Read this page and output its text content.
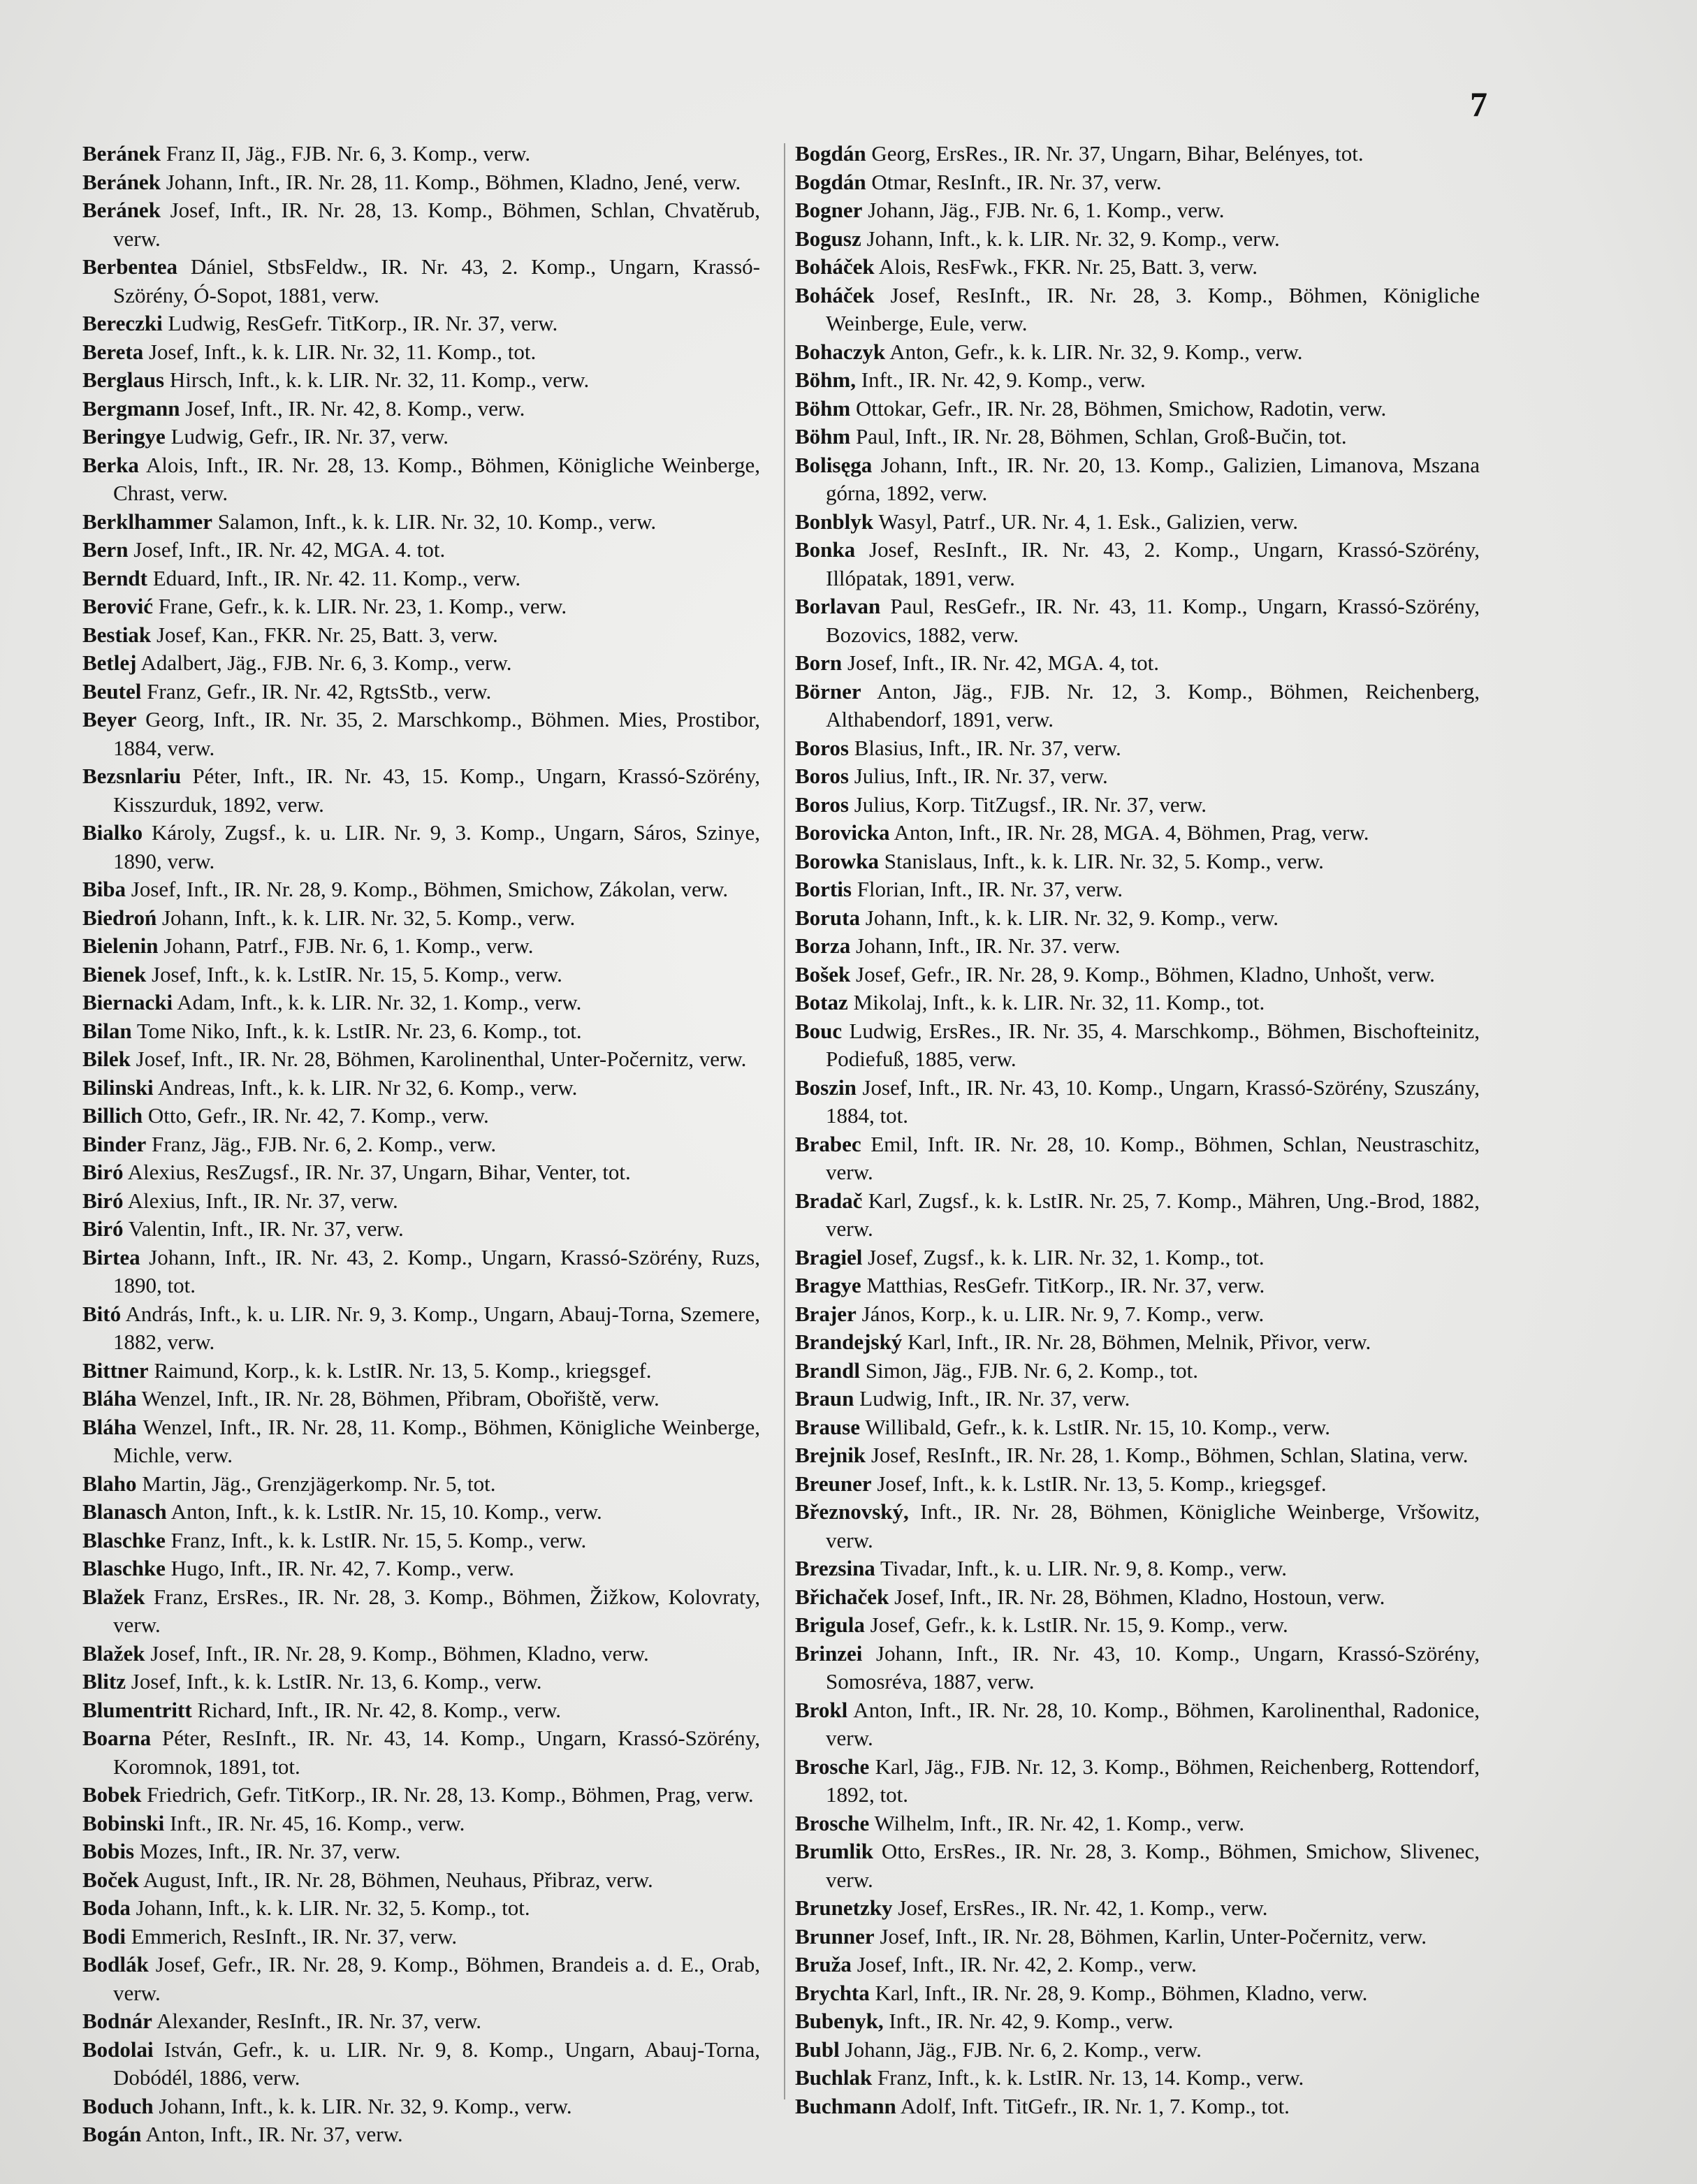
7

Beránek Franz II, Jäg., FJB. Nr. 6, 3. Komp., verw.

Beránek Johann, Inft., IR. Nr. 28, 11. Komp., Böhmen, Kladno, Jené, verw.

Beránek Josef, Inft., IR. Nr. 28, 13. Komp., Böhmen, Schlan, Chvatěrub, verw.

Berbentea Dániel, StbsFeldw., IR. Nr. 43, 2. Komp., Ungarn, Krassó-Szörény, Ó-Sopot, 1881, verw.

Bereczki Ludwig, ResGefr. TitKorp., IR. Nr. 37, verw.

Bereta Josef, Inft., k. k. LIR. Nr. 32, 11. Komp., tot.

Berglaus Hirsch, Inft., k. k. LIR. Nr. 32, 11. Komp., verw.

Bergmann Josef, Inft., IR. Nr. 42, 8. Komp., verw.

Beringye Ludwig, Gefr., IR. Nr. 37, verw.

Berka Alois, Inft., IR. Nr. 28, 13. Komp., Böhmen, Königliche Weinberge, Chrast, verw.

Berklhammer Salamon, Inft., k. k. LIR. Nr. 32, 10. Komp., verw.

Bern Josef, Inft., IR. Nr. 42, MGA. 4. tot.

Berndt Eduard, Inft., IR. Nr. 42. 11. Komp., verw.

Berović Frane, Gefr., k. k. LIR. Nr. 23, 1. Komp., verw.

Bestiak Josef, Kan., FKR. Nr. 25, Batt. 3, verw.

Betlej Adalbert, Jäg., FJB. Nr. 6, 3. Komp., verw.

Beutel Franz, Gefr., IR. Nr. 42, RgtsStb., verw.

Beyer Georg, Inft., IR. Nr. 35, 2. Marschkomp., Böhmen. Mies, Prostibor, 1884, verw.

Bezsnlariu Péter, Inft., IR. Nr. 43, 15. Komp., Ungarn, Krassó-Szörény, Kisszurduk, 1892, verw.

Bialko Károly, Zugsf., k. u. LIR. Nr. 9, 3. Komp., Ungarn, Sáros, Szinye, 1890, verw.

Biba Josef, Inft., IR. Nr. 28, 9. Komp., Böhmen, Smichow, Zákolan, verw.

Biedroń Johann, Inft., k. k. LIR. Nr. 32, 5. Komp., verw.

Bielenin Johann, Patrf., FJB. Nr. 6, 1. Komp., verw.

Bienek Josef, Inft., k. k. LstIR. Nr. 15, 5. Komp., verw.

Biernacki Adam, Inft., k. k. LIR. Nr. 32, 1. Komp., verw.

Bilan Tome Niko, Inft., k. k. LstIR. Nr. 23, 6. Komp., tot.

Bilek Josef, Inft., IR. Nr. 28, Böhmen, Karolinenthal, Unter-Počernitz, verw.

Bilinski Andreas, Inft., k. k. LIR. Nr 32, 6. Komp., verw.

Billich Otto, Gefr., IR. Nr. 42, 7. Komp., verw.

Binder Franz, Jäg., FJB. Nr. 6, 2. Komp., verw.

Biró Alexius, ResZugsf., IR. Nr. 37, Ungarn, Bihar, Venter, tot.

Biró Alexius, Inft., IR. Nr. 37, verw.

Biró Valentin, Inft., IR. Nr. 37, verw.

Birtea Johann, Inft., IR. Nr. 43, 2. Komp., Ungarn, Krassó-Szörény, Ruzs, 1890, tot.

Bitó András, Inft., k. u. LIR. Nr. 9, 3. Komp., Ungarn, Abauj-Torna, Szemere, 1882, verw.

Bittner Raimund, Korp., k. k. LstIR. Nr. 13, 5. Komp., kriegsgef.

Bláha Wenzel, Inft., IR. Nr. 28, Böhmen, Přibram, Obořiště, verw.

Bláha Wenzel, Inft., IR. Nr. 28, 11. Komp., Böhmen, Königliche Weinberge, Michle, verw.

Blaho Martin, Jäg., Grenzjägerkomp. Nr. 5, tot.

Blanasch Anton, Inft., k. k. LstIR. Nr. 15, 10. Komp., verw.

Blaschke Franz, Inft., k. k. LstIR. Nr. 15, 5. Komp., verw.

Blaschke Hugo, Inft., IR. Nr. 42, 7. Komp., verw.

Blažek Franz, ErsRes., IR. Nr. 28, 3. Komp., Böhmen, Žižkow, Kolovraty, verw.

Blažek Josef, Inft., IR. Nr. 28, 9. Komp., Böhmen, Kladno, verw.

Blitz Josef, Inft., k. k. LstIR. Nr. 13, 6. Komp., verw.

Blumentritt Richard, Inft., IR. Nr. 42, 8. Komp., verw.

Boarna Péter, ResInft., IR. Nr. 43, 14. Komp., Ungarn, Krassó-Szörény, Koromnok, 1891, tot.

Bobek Friedrich, Gefr. TitKorp., IR. Nr. 28, 13. Komp., Böhmen, Prag, verw.

Bobinski Inft., IR. Nr. 45, 16. Komp., verw.

Bobis Mozes, Inft., IR. Nr. 37, verw.

Boček August, Inft., IR. Nr. 28, Böhmen, Neuhaus, Přibraz, verw.

Boda Johann, Inft., k. k. LIR. Nr. 32, 5. Komp., tot.

Bodi Emmerich, ResInft., IR. Nr. 37, verw.

Bodlák Josef, Gefr., IR. Nr. 28, 9. Komp., Böhmen, Brandeis a. d. E., Orab, verw.

Bodnár Alexander, ResInft., IR. Nr. 37, verw.

Bodolai István, Gefr., k. u. LIR. Nr. 9, 8. Komp., Ungarn, Abauj-Torna, Dobódél, 1886, verw.

Boduch Johann, Inft., k. k. LIR. Nr. 32, 9. Komp., verw.

Bogán Anton, Inft., IR. Nr. 37, verw.

Bogdán Georg, ErsRes., IR. Nr. 37, Ungarn, Bihar, Belényes, tot.

Bogdán Otmar, ResInft., IR. Nr. 37, verw.

Bogner Johann, Jäg., FJB. Nr. 6, 1. Komp., verw.

Bogusz Johann, Inft., k. k. LIR. Nr. 32, 9. Komp., verw.

Boháček Alois, ResFwk., FKR. Nr. 25, Batt. 3, verw.

Boháček Josef, ResInft., IR. Nr. 28, 3. Komp., Böhmen, Königliche Weinberge, Eule, verw.

Bohaczyk Anton, Gefr., k. k. LIR. Nr. 32, 9. Komp., verw.

Böhm, Inft., IR. Nr. 42, 9. Komp., verw.

Böhm Ottokar, Gefr., IR. Nr. 28, Böhmen, Smichow, Radotin, verw.

Böhm Paul, Inft., IR. Nr. 28, Böhmen, Schlan, Groß-Bučin, tot.

Bolisęga Johann, Inft., IR. Nr. 20, 13. Komp., Galizien, Limanova, Mszana górna, 1892, verw.

Bonblyk Wasyl, Patrf., UR. Nr. 4, 1. Esk., Galizien, verw.

Bonka Josef, ResInft., IR. Nr. 43, 2. Komp., Ungarn, Krassó-Szörény, Illópatak, 1891, verw.

Borlavan Paul, ResGefr., IR. Nr. 43, 11. Komp., Ungarn, Krassó-Szörény, Bozovics, 1882, verw.

Born Josef, Inft., IR. Nr. 42, MGA. 4, tot.

Börner Anton, Jäg., FJB. Nr. 12, 3. Komp., Böhmen, Reichenberg, Althabendorf, 1891, verw.

Boros Blasius, Inft., IR. Nr. 37, verw.

Boros Julius, Inft., IR. Nr. 37, verw.

Boros Julius, Korp. TitZugsf., IR. Nr. 37, verw.

Borovicka Anton, Inft., IR. Nr. 28, MGA. 4, Böhmen, Prag, verw.

Borowka Stanislaus, Inft., k. k. LIR. Nr. 32, 5. Komp., verw.

Bortis Florian, Inft., IR. Nr. 37, verw.

Boruta Johann, Inft., k. k. LIR. Nr. 32, 9. Komp., verw.

Borza Johann, Inft., IR. Nr. 37. verw.

Bošek Josef, Gefr., IR. Nr. 28, 9. Komp., Böhmen, Kladno, Unhošt, verw.

Botaz Mikolaj, Inft., k. k. LIR. Nr. 32, 11. Komp., tot.

Bouc Ludwig, ErsRes., IR. Nr. 35, 4. Marschkomp., Böhmen, Bischofteinitz, Podiefuß, 1885, verw.

Boszin Josef, Inft., IR. Nr. 43, 10. Komp., Ungarn, Krassó-Szörény, Szuszány, 1884, tot.

Brabec Emil, Inft. IR. Nr. 28, 10. Komp., Böhmen, Schlan, Neustraschitz, verw.

Bradač Karl, Zugsf., k. k. LstIR. Nr. 25, 7. Komp., Mähren, Ung.-Brod, 1882, verw.

Bragiel Josef, Zugsf., k. k. LIR. Nr. 32, 1. Komp., tot.

Bragye Matthias, ResGefr. TitKorp., IR. Nr. 37, verw.

Brajer János, Korp., k. u. LIR. Nr. 9, 7. Komp., verw.

Brandejský Karl, Inft., IR. Nr. 28, Böhmen, Melnik, Přivor, verw.

Brandl Simon, Jäg., FJB. Nr. 6, 2. Komp., tot.

Braun Ludwig, Inft., IR. Nr. 37, verw.

Brause Willibald, Gefr., k. k. LstIR. Nr. 15, 10. Komp., verw.

Brejnik Josef, ResInft., IR. Nr. 28, 1. Komp., Böhmen, Schlan, Slatina, verw.

Breuner Josef, Inft., k. k. LstIR. Nr. 13, 5. Komp., kriegsgef.

Březnovský, Inft., IR. Nr. 28, Böhmen, Königliche Weinberge, Vršowitz, verw.

Brezsina Tivadar, Inft., k. u. LIR. Nr. 9, 8. Komp., verw.

Břichaček Josef, Inft., IR. Nr. 28, Böhmen, Kladno, Hostoun, verw.

Brigula Josef, Gefr., k. k. LstIR. Nr. 15, 9. Komp., verw.

Brinzei Johann, Inft., IR. Nr. 43, 10. Komp., Ungarn, Krassó-Szörény, Somosréva, 1887, verw.

Brokl Anton, Inft., IR. Nr. 28, 10. Komp., Böhmen, Karolinenthal, Radonice, verw.

Brosche Karl, Jäg., FJB. Nr. 12, 3. Komp., Böhmen, Reichenberg, Rottendorf, 1892, tot.

Brosche Wilhelm, Inft., IR. Nr. 42, 1. Komp., verw.

Brumlik Otto, ErsRes., IR. Nr. 28, 3. Komp., Böhmen, Smichow, Slivenec, verw.

Brunetzky Josef, ErsRes., IR. Nr. 42, 1. Komp., verw.

Brunner Josef, Inft., IR. Nr. 28, Böhmen, Karlin, Unter-Počernitz, verw.

Bruža Josef, Inft., IR. Nr. 42, 2. Komp., verw.

Brychta Karl, Inft., IR. Nr. 28, 9. Komp., Böhmen, Kladno, verw.

Bubenyk, Inft., IR. Nr. 42, 9. Komp., verw.

Bubl Johann, Jäg., FJB. Nr. 6, 2. Komp., verw.

Buchlak Franz, Inft., k. k. LstIR. Nr. 13, 14. Komp., verw.

Buchmann Adolf, Inft. TitGefr., IR. Nr. 1, 7. Komp., tot.
